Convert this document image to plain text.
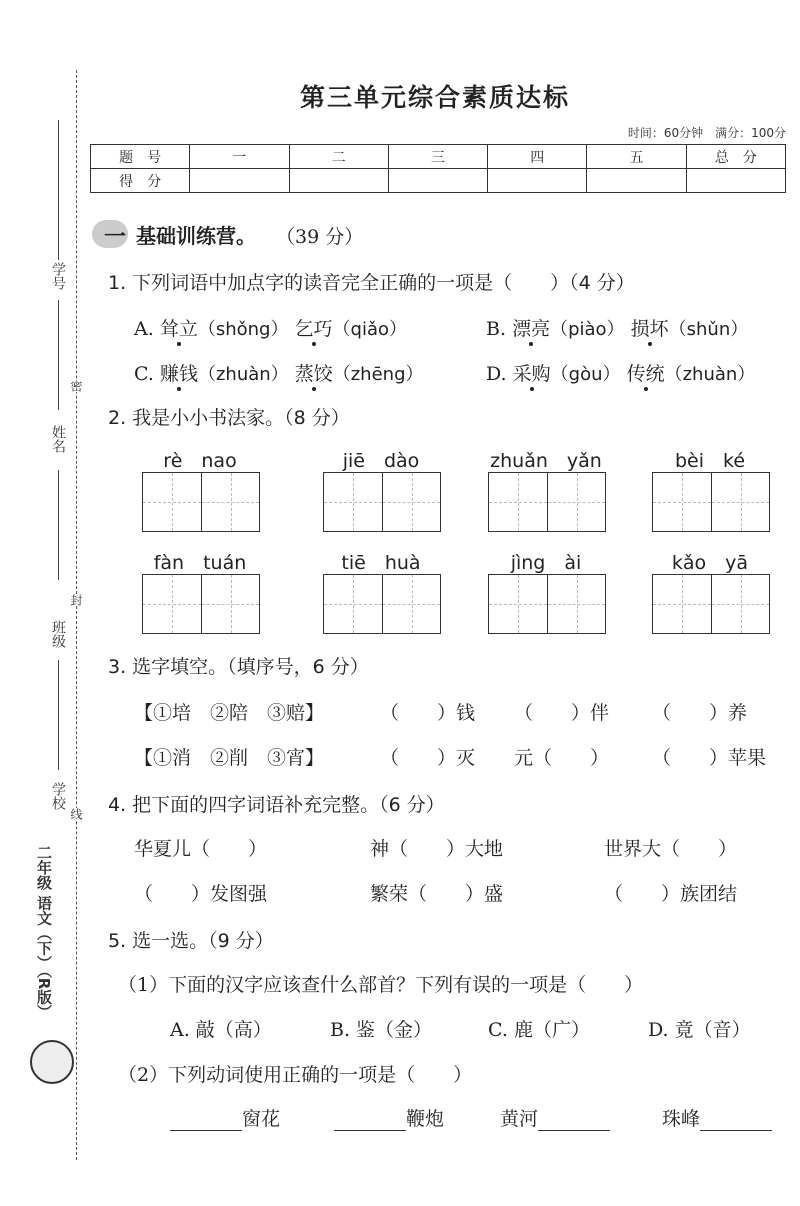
学号
姓名
班级
学校
密
封
线
二年级 语文（下）（R版）
第三单元综合素质达标
时间：60分钟　满分：100分
题　号	一	二	三	四	五	总　分
得　分						
一 基础训练营。 （39 分）
1. 下列词语中加点字的读音完全正确的一项是（　　）（4 分）
A. 耸立（shǒng） 乞巧（qiǎo）	B. 漂亮（piào） 损坏（shǔn）
C. 赚钱（zhuàn） 蒸饺（zhēng）	D. 采购（gòu） 传统（zhuàn）
2. 我是小小书法家。（8 分）
rè　nao	jiē　dào	zhuǎn　yǎn	bèi　ké
fàn　tuán	tiē　huà	jìng　ài	kǎo　yā
3. 选字填空。（填序号，6 分）
【①培　②陪　③赔】	（　　）钱 （　　）伴 （　　）养
【①消　②削　③宵】	（　　）灭 元（　　） （　　）苹果
4. 把下面的四字词语补充完整。（6 分）
华夏儿（　　）	神（　　）大地	世界大（　　）
（　　）发图强	繁荣（　　）盛	（　　）族团结
5. 选一选。（9 分）
（1）下面的汉字应该查什么部首？下列有误的一项是（　　）
A. 敲（高）	B. 鉴（金）	C. 鹿（广）	D. 竟（音）
（2）下列动词使用正确的一项是（　　）
窗花	鞭炮	黄河	珠峰
